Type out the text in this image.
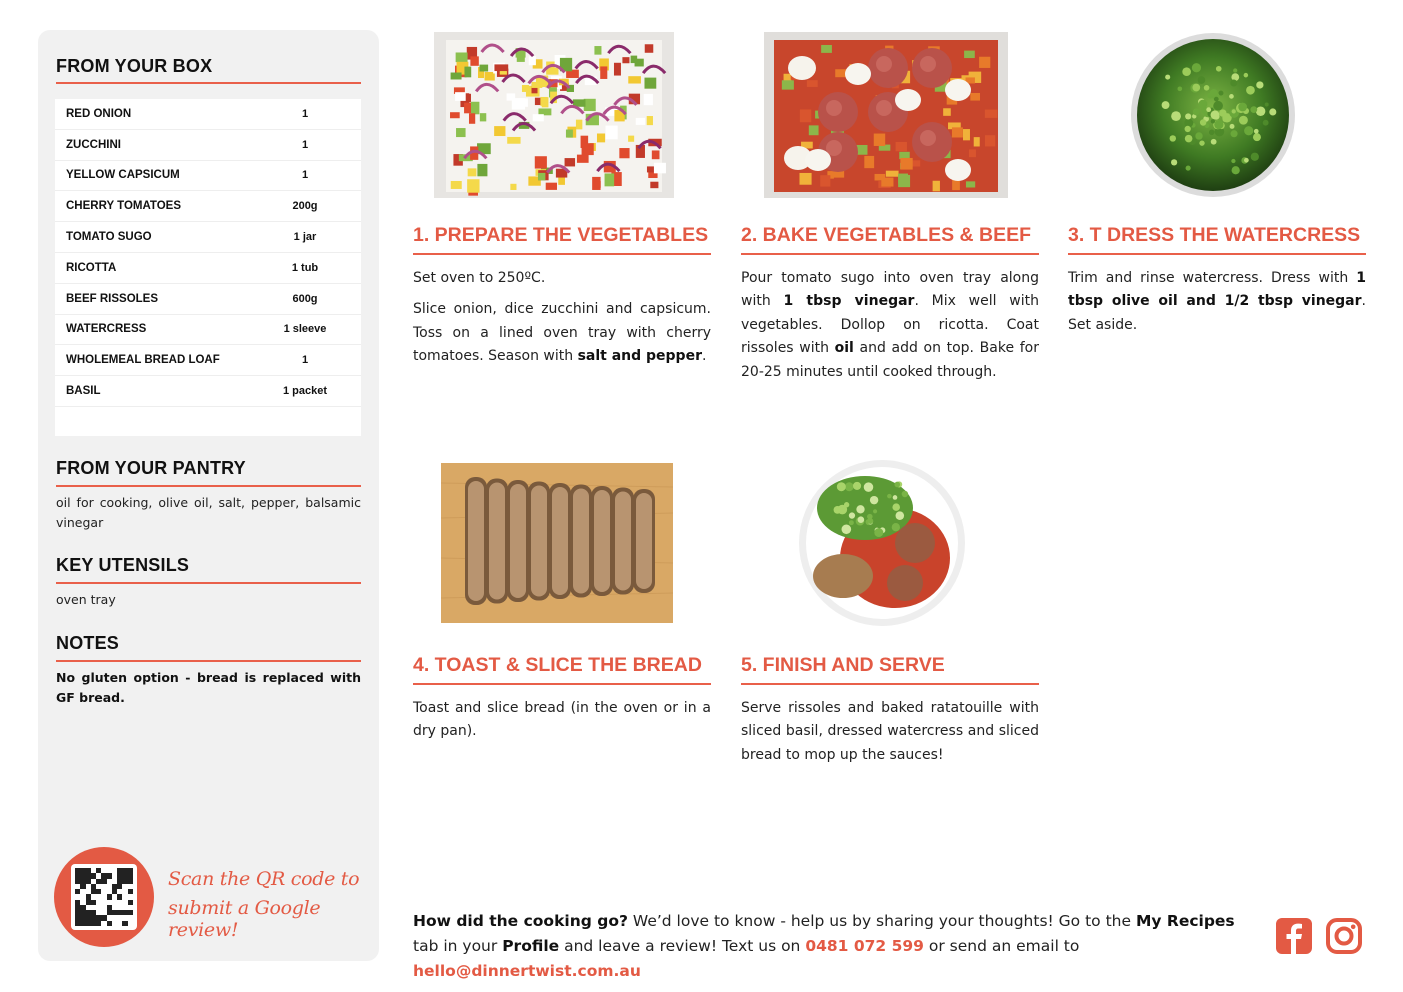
FROM YOUR BOX
RED ONION	1
ZUCCHINI	1
YELLOW CAPSICUM	1
CHERRY TOMATOES	200g
TOMATO SUGO	1 jar
RICOTTA	1 tub
BEEF RISSOLES	600g
WATERCRESS	1 sleeve
WHOLEMEAL BREAD LOAF	1
BASIL	1 packet
FROM YOUR PANTRY
oil for cooking, olive oil, salt, pepper, balsamic vinegar
KEY UTENSILS
oven tray
NOTES
No gluten option - bread is replaced with GF bread.
Scan the QR code to
submit a Google review!
1. PREPARE THE VEGETABLES

Set oven to 250ºC.

Slice onion, dice zucchini and capsicum. Toss on a lined oven tray with cherry tomatoes. Season with salt and pepper.

2. BAKE VEGETABLES & BEEF

Pour tomato sugo into oven tray along with 1 tbsp vinegar. Mix well with vegetables. Dollop on ricotta. Coat rissoles with oil and add on top. Bake for 20-25 minutes until cooked through.

3. T DRESS THE WATERCRESS

Trim and rinse watercress. Dress with 1 tbsp olive oil and 1/2 tbsp vinegar. Set aside.

4. TOAST & SLICE THE BREAD

Toast and slice bread (in the oven or in a dry pan).

5. FINISH AND SERVE

Serve rissoles and baked ratatouille with sliced basil, dressed watercress and sliced bread to mop up the sauces!

How did the cooking go? We’d love to know - help us by sharing your thoughts! Go to the My Recipes tab in your Profile and leave a review! Text us on 0481 072 599 or send an email to hello@dinnertwist.com.au
